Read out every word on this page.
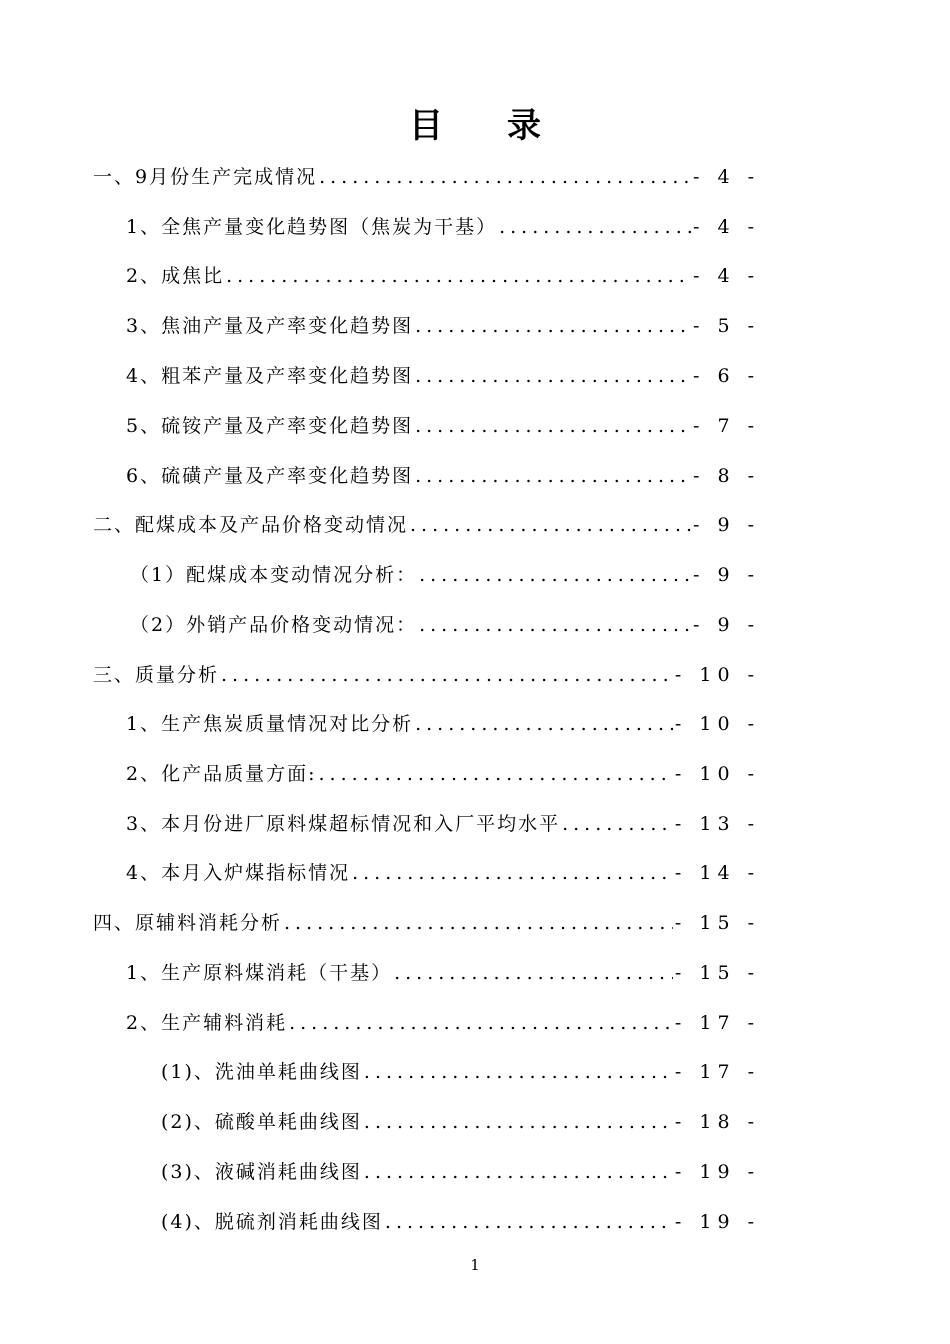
目录
一、9月份生产完成情况 .....	- 4 -
1、全焦产量变化趋势图（焦炭为干基） .....	- 4 -
2、成焦比 .....	- 4 -
3、焦油产量及产率变化趋势图 .....	- 5 -
4、粗苯产量及产率变化趋势图 .....	- 6 -
5、硫铵产量及产率变化趋势图 .....	- 7 -
6、硫磺产量及产率变化趋势图 .....	- 8 -
二、配煤成本及产品价格变动情况 .....	- 9 -
（1）配煤成本变动情况分析： .....	- 9 -
（2）外销产品价格变动情况： .....	- 9 -
三、质量分析 .....	- 10 -
1、生产焦炭质量情况对比分析 .....	- 10 -
2、化产品质量方面: .....	- 10 -
3、本月份进厂原料煤超标情况和入厂平均水平 .....	- 13 -
4、本月入炉煤指标情况 .....	- 14 -
四、原辅料消耗分析 .....	- 15 -
1、生产原料煤消耗（干基） .....	- 15 -
2、生产辅料消耗 .....	- 17 -
(1)、洗油单耗曲线图 .....	- 17 -
(2)、硫酸单耗曲线图 .....	- 18 -
(3)、液碱消耗曲线图 .....	- 19 -
(4)、脱硫剂消耗曲线图 .....	- 19 -
1
